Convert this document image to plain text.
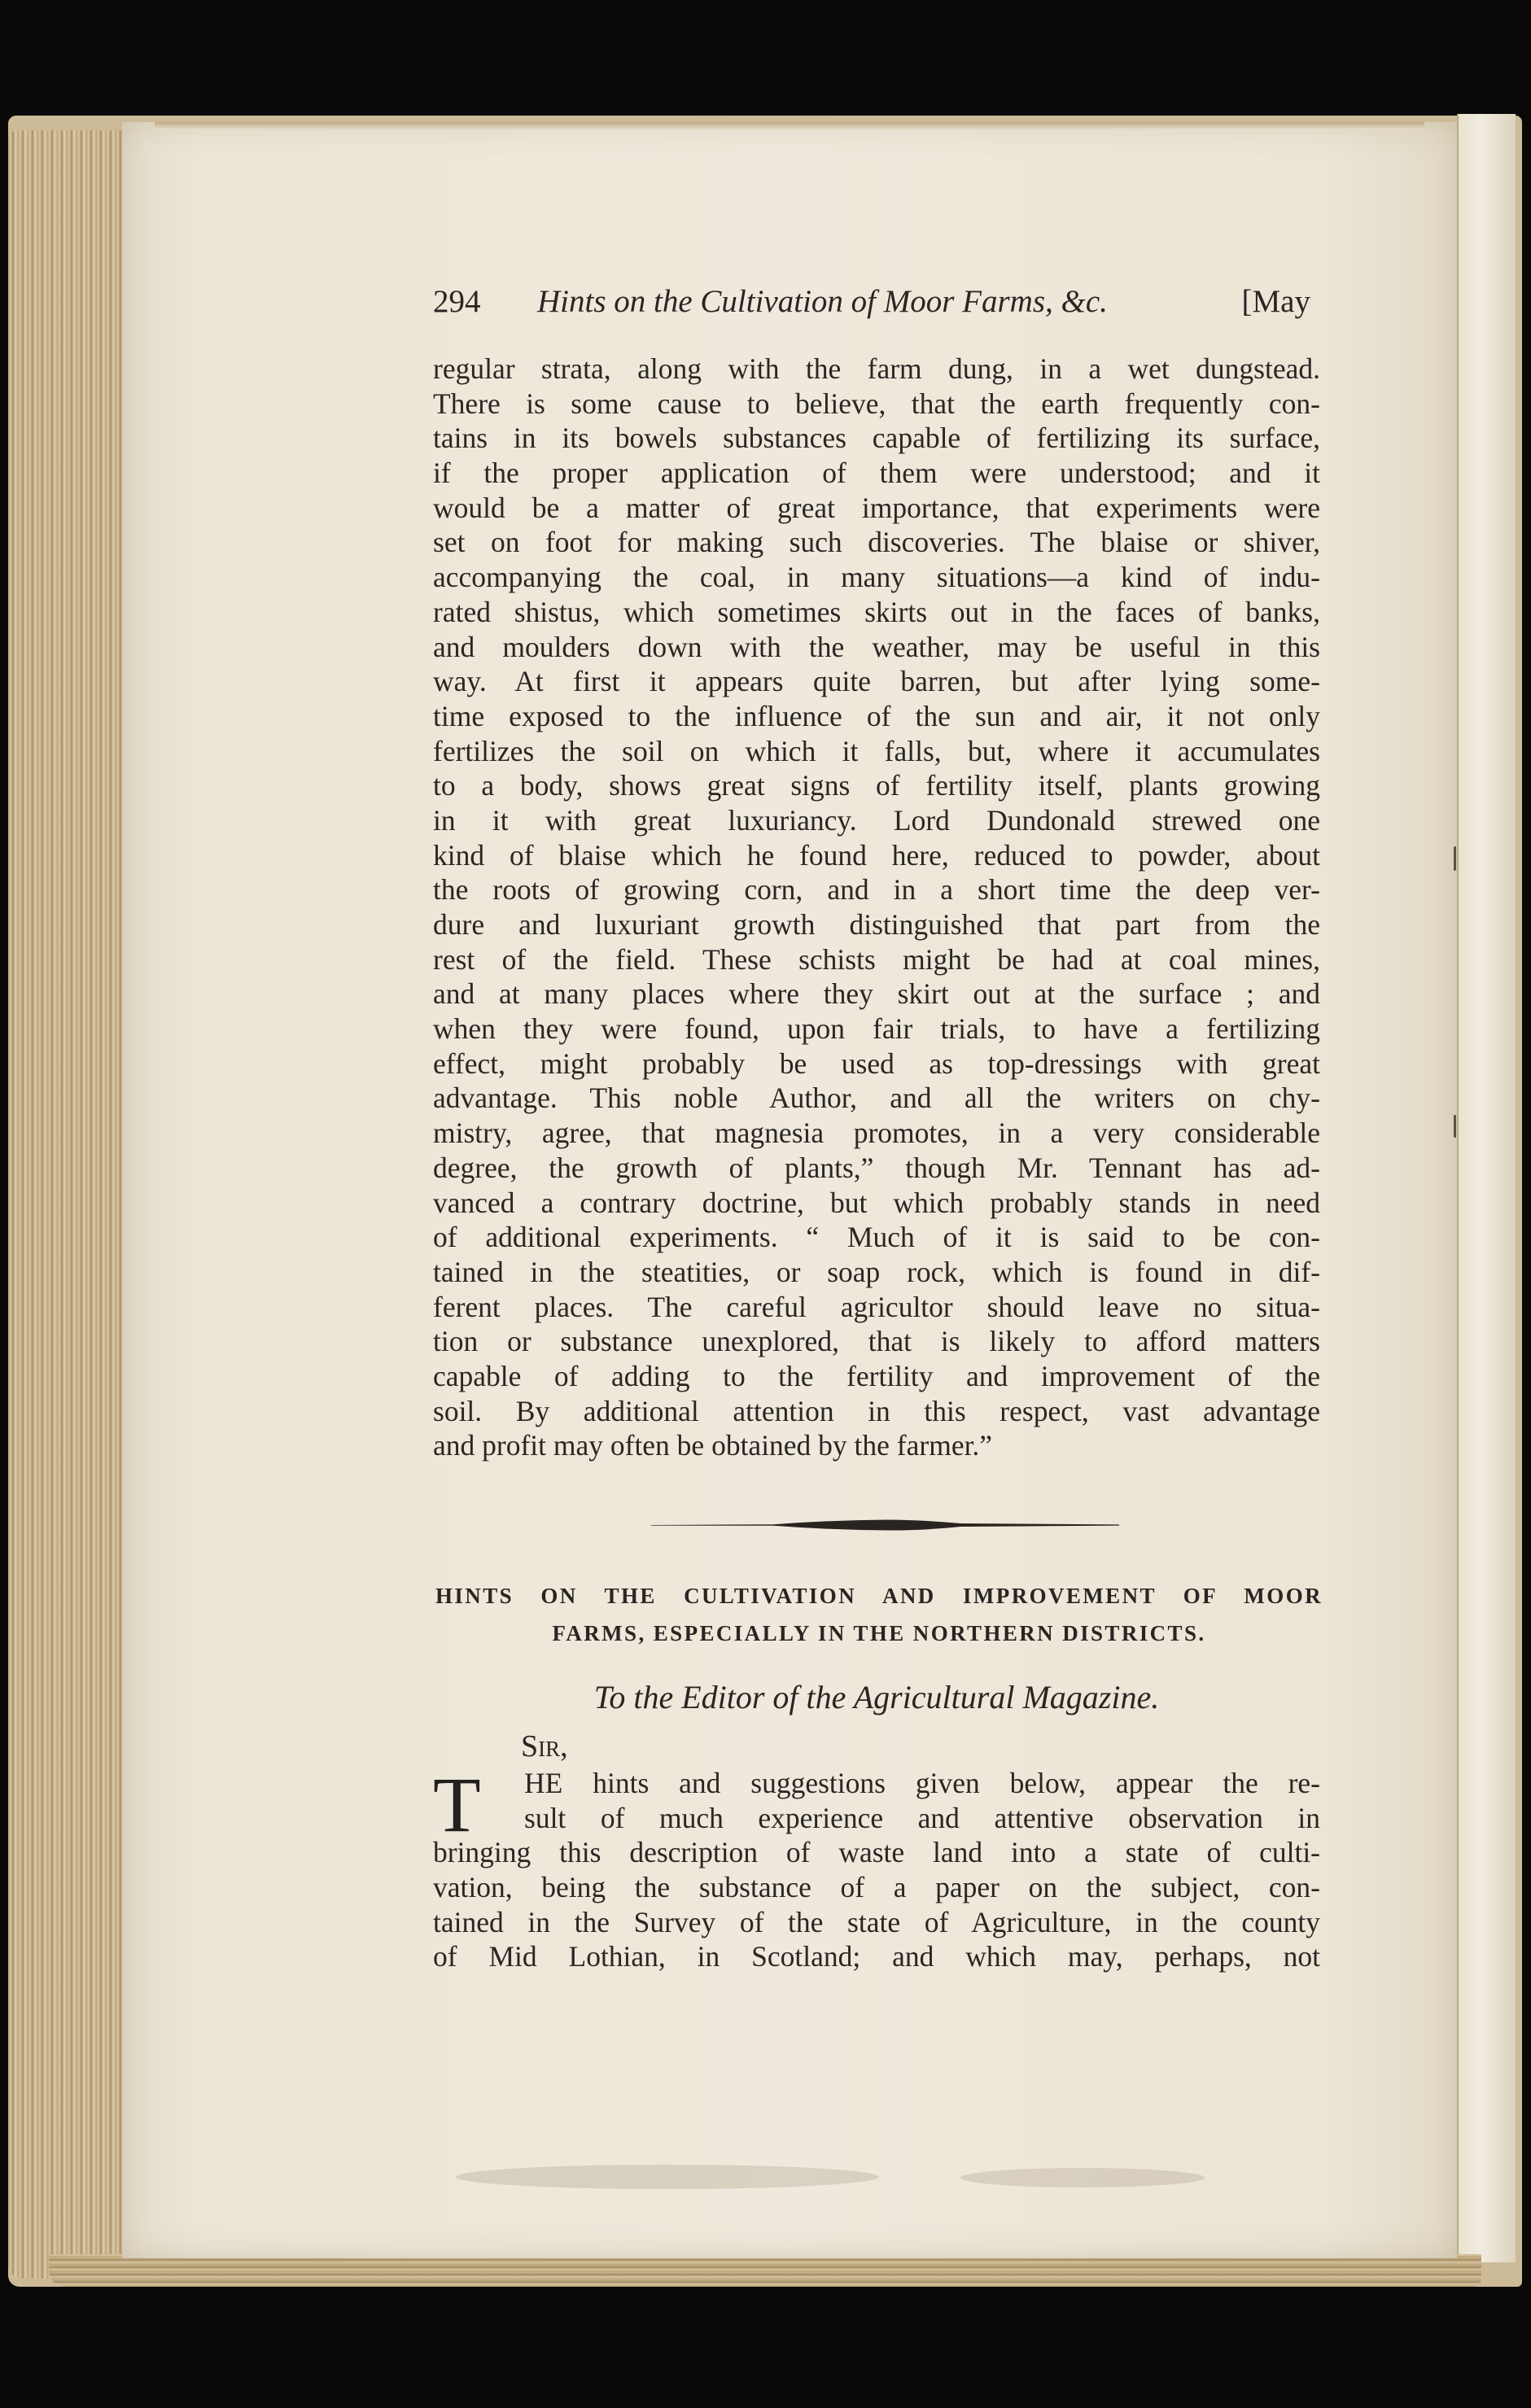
294 Hints on the Cultivation of Moor Farms, &c.	[May
regular strata, along with the farm dung, in a wet dungstead.
There is some cause to believe, that the earth frequently con-
tains in its bowels substances capable of fertilizing its surface,
if the proper application of them were understood; and it
would be a matter of great importance, that experiments were
set on foot for making such discoveries. The blaise or shiver,
accompanying the coal, in many situations—a kind of indu-
rated shistus, which sometimes skirts out in the faces of banks,
and moulders down with the weather, may be useful in this
way. At first it appears quite barren, but after lying some-
time exposed to the influence of the sun and air, it not only
fertilizes the soil on which it falls, but, where it accumulates
to a body, shows great signs of fertility itself, plants growing
in it with great luxuriancy. Lord Dundonald strewed one
kind of blaise which he found here, reduced to powder, about
the roots of growing corn, and in a short time the deep ver-
dure and luxuriant growth distinguished that part from the
rest of the field. These schists might be had at coal mines,
and at many places where they skirt out at the surface ; and
when they were found, upon fair trials, to have a fertilizing
effect, might probably be used as top-dressings with great
advantage. This noble Author, and all the writers on chy-
mistry, agree, that magnesia promotes, in a very considerable
degree, the growth of plants,” though Mr. Tennant has ad-
vanced a contrary doctrine, but which probably stands in need
of additional experiments. “ Much of it is said to be con-
tained in the steatities, or soap rock, which is found in dif-
ferent places. The careful agricultor should leave no situa-
tion or substance unexplored, that is likely to afford matters
capable of adding to the fertility and improvement of the
soil. By additional attention in this respect, vast advantage
and profit may often be obtained by the farmer.”
HINTS ON THE CULTIVATION AND IMPROVEMENT OF MOOR
FARMS, ESPECIALLY IN THE NORTHERN DISTRICTS.
To the Editor of the Agricultural Magazine.
Sir,
T	HE hints and suggestions given below, appear the re-
sult of much experience and attentive observation in
bringing this description of waste land into a state of culti-
vation, being the substance of a paper on the subject, con-
tained in the Survey of the state of Agriculture, in the county
of Mid Lothian, in Scotland; and which may, perhaps, not
